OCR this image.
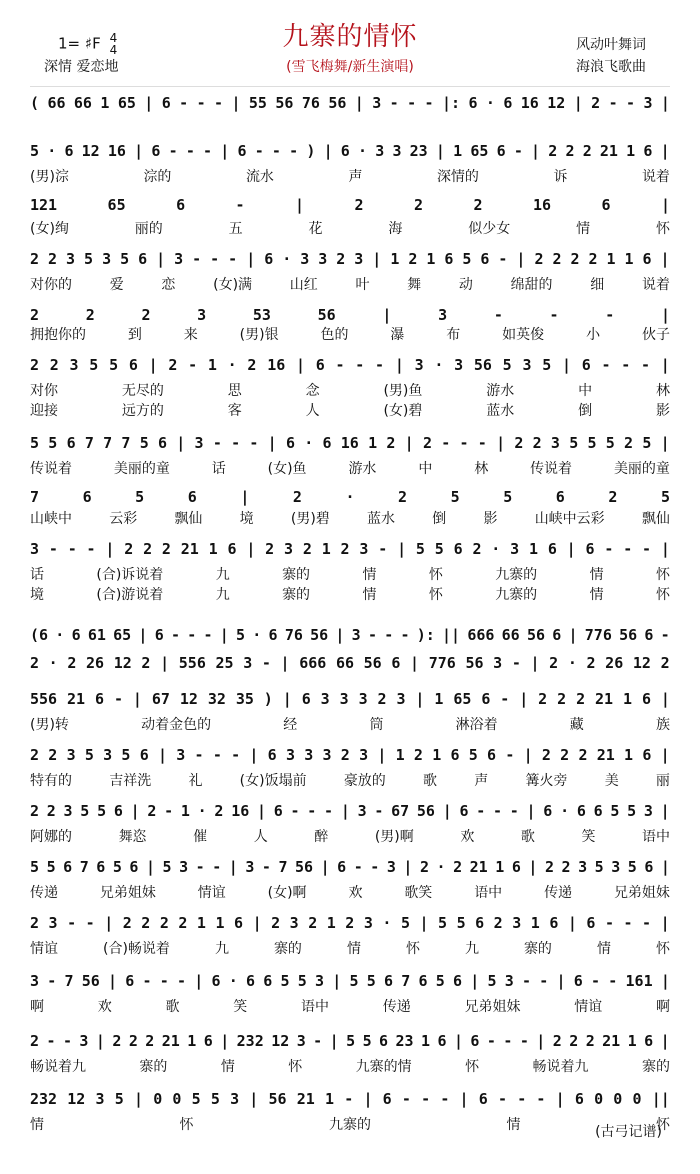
九寨的情怀
(雪飞梅舞/新生演唱)
1= ♯F 4
4
深情 爱恋地
风动叶舞词
海浪飞歌曲
( 66 66 1 65 | 6 - - - | 55 56 76 56 | 3 - - - |: 6 · 6 16 12 | 2 - - 3 |
5 · 6 12 16 | 6 - - - | 6 - - - ) | 6 · 3 3 23 | 1 65 6 - | 2 2 2 21 1 6 |
(男)淙	淙的	流水	声	深情的	诉	说着
121	65	6	-	|	2	2	2	16	6	|
(女)绚	丽的	五	花	海	似少女	情	怀
2 2 3 5 3 5 6 | 3 - - - | 6 · 3 3 2 3 | 1 2 1 6 5 6 - | 2 2 2 2 1 1 6 |
对你的	爱	恋	(女)满	山红	叶	舞	动	绵甜的	细	说着
2	2	2	3	53	56	|	3	-	-	-	|
拥抱你的	到	来	(男)银	色的	瀑	布	如英俊	小	伙子
2 2 3 5 5 6 | 2 - 1 · 2 16 | 6 - - - | 3 · 3 56 5 3 5 | 6 - - - |
对你	无尽的	思	念	(男)鱼	游水	中	林
迎接	远方的	客	人	(女)碧	蓝水	倒	影
5 5 6 7 7 7 5 6 | 3 - - - | 6 · 6 16 1 2 | 2 - - - | 2 2 3 5 5 5 2 5 |
传说着	美丽的童	话	(女)鱼	游水	中	林	传说着	美丽的童
7	6	5	6	|	2	·	2	5	5	6	2	5
山峡中	云彩	飘仙	境	(男)碧	蓝水	倒	影	山峡中云彩	飘仙
3 - - - | 2 2 2 21 1 6 | 2 3 2 1 2 3 - | 5 5 6 2 · 3 1 6 | 6 - - - |
话	(合)诉说着	九	寨的	情	怀	九寨的	情	怀
境	(合)游说着	九	寨的	情	怀	九寨的	情	怀
(6 · 6 61 65 | 6 - - - | 5 · 6 76 56 | 3 - - - ): || 666 66 56 6 | 776 56 6 -
2 · 2 26 12 2 | 556 25 3 - | 666 66 56 6 | 776 56 3 - | 2 · 2 26 12 2
556 21 6 - | 67 12 32 35 ) | 6 3 3 3 2 3 | 1 65 6 - | 2 2 2 21 1 6 |
(男)转	动着金色的	经	筒	淋浴着	藏	族
2 2 3 5 3 5 6 | 3 - - - | 6 3 3 3 2 3 | 1 2 1 6 5 6 - | 2 2 2 21 1 6 |
特有的	吉祥洗	礼	(女)饭塌前	豪放的	歌	声	篝火旁	美	丽
2 2 3 5 5 6 | 2 - 1 · 2 16 | 6 - - - | 3 - 67 56 | 6 - - - | 6 · 6 6 5 5 3 |
阿娜的	舞恣	催	人	醉	(男)啊	欢	歌	笑	语中
5 5 6 7 6 5 6 | 5 3 - - | 3 - 7 56 | 6 - - 3 | 2 · 2 21 1 6 | 2 2 3 5 3 5 6 |
传递	兄弟姐妹	情谊	(女)啊	欢	歌笑	语中	传递	兄弟姐妹
2 3 - - | 2 2 2 2 1 1 6 | 2 3 2 1 2 3 · 5 | 5 5 6 2 3 1 6 | 6 - - - |
情谊	(合)畅说着	九	寨的	情	怀	九	寨的	情	怀
3 - 7 56 | 6 - - - | 6 · 6 6 5 5 3 | 5 5 6 7 6 5 6 | 5 3 - - | 6 - - 161 |
啊	欢	歌	笑	语中	传递	兄弟姐妹	情谊	啊
2 - - 3 | 2 2 2 21 1 6 | 232 12 3 - | 5 5 6 23 1 6 | 6 - - - | 2 2 2 21 1 6 |
畅说着九	寨的	情	怀	九寨的情	怀	畅说着九	寨的
232 12 3 5 | 0 0 5 5 3 | 56 21 1 - | 6 - - - | 6 - - - | 6 0 0 0 ||
情	怀	九寨的	情	怀
(古弓记谱)
